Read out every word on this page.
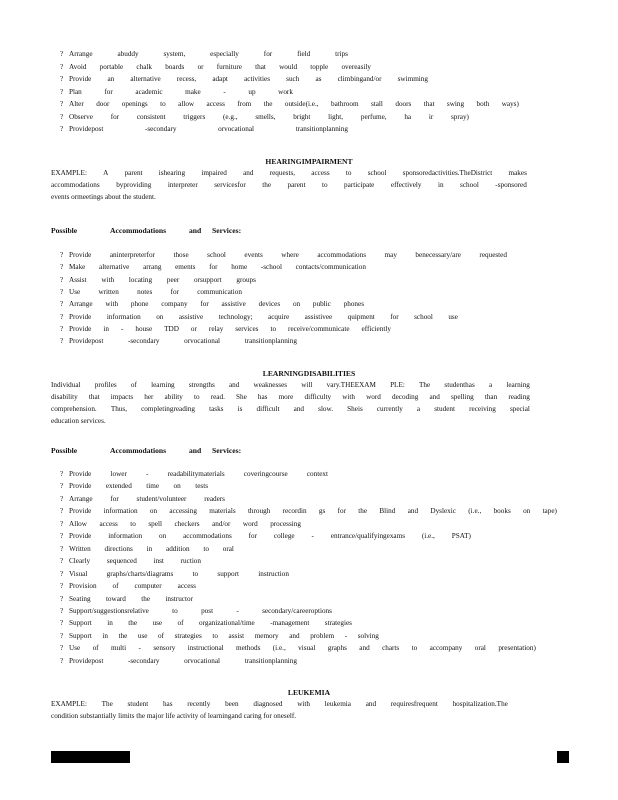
? Arrange	abuddy	system,	especially	for	field	trips
? Avoid portable chalk boards or furniture that would topple overeasily
? Provide an alternative recess, adapt activities such as climbingand/or swimming
? Plan	for	academic	make	-	up	work
? Alter door openings to allow access from the outside(i.e., bathroom stall doors that swing both ways)
? Observe for consistent triggers (e.g., smells, bright light, perfume, ha ir spray)
? Providepost	-secondary	orvocational	transitionplanning
HEARINGIMPAIRMENT
EXAMPLE: A parent ishearing impaired and requests, access to school sponsoredactivities.TheDistrict makes
accommodations byproviding interpreter servicesfor the parent to participate effectively in school -sponsored
events ormeetings about the student.
Possible	Accommodations	and Services:
? Provide	aninterpreterfor	those	school	events	where	accommodations	may	benecessary/are	requested
? Make alternative arrang ements for home -school contacts/communication
? Assist with locating peer orsupport groups
? Use	written	notes	for	communication
? Arrange with phone company for assistive devices on public phones
? Provide information on assistive technology; acquire assistivee quipment for school use
? Provide in - house TDD or relay services to receive/communicate efficiently
? Providepost	-secondary	orvocational	transitionplanning
LEARNINGDISABILITIES
Individual profiles of learning strengths and weaknesses will vary.THEEXAM PLE: The studenthas a learning
disability that impacts her ability to read. She has more difficulty with word decoding and spelling than reading
comprehension. Thus, completingreading tasks is difficult and slow. Sheis currently a student receiving special
education services.
Possible	Accommodations	and Services:
? Provide	lower	-	readabilitymaterials	coveringcourse	context
? Provide extended time on tests
? Arrange for student/volunteer readers
? Provide information on accessing materials through recordin gs for the Blind and Dyslexic (i.e., books on tape)
? Allow access to spell checkers and/or word processing
? Provide information on accommodations for college - entrance/qualifyingexams (i.e., PSAT)
? Written directions in addition to oral
? Clearly sequenced inst ruction
? Visual	graphs/charts/diagrams	to	support	instruction
? Provision of computer access
? Seating toward the instructor
? Support/suggestionsrelative	to	post	-	secondary/careeroptions
? Support in the use of organizational/time -management strategies
? Support in the use of strategies to assist memory and problem - solving
? Use of multi - sensory instructional methods (i.e., visual graphs and charts to accompany oral presentation)
? Providepost	-secondary	orvocational	transitionplanning
LEUKEMIA
EXAMPLE: The student has recently been diagnosed with leukemia and requiresfrequent hospitalization.The
condition substantially limits the major life activity of learningand caring for oneself.
